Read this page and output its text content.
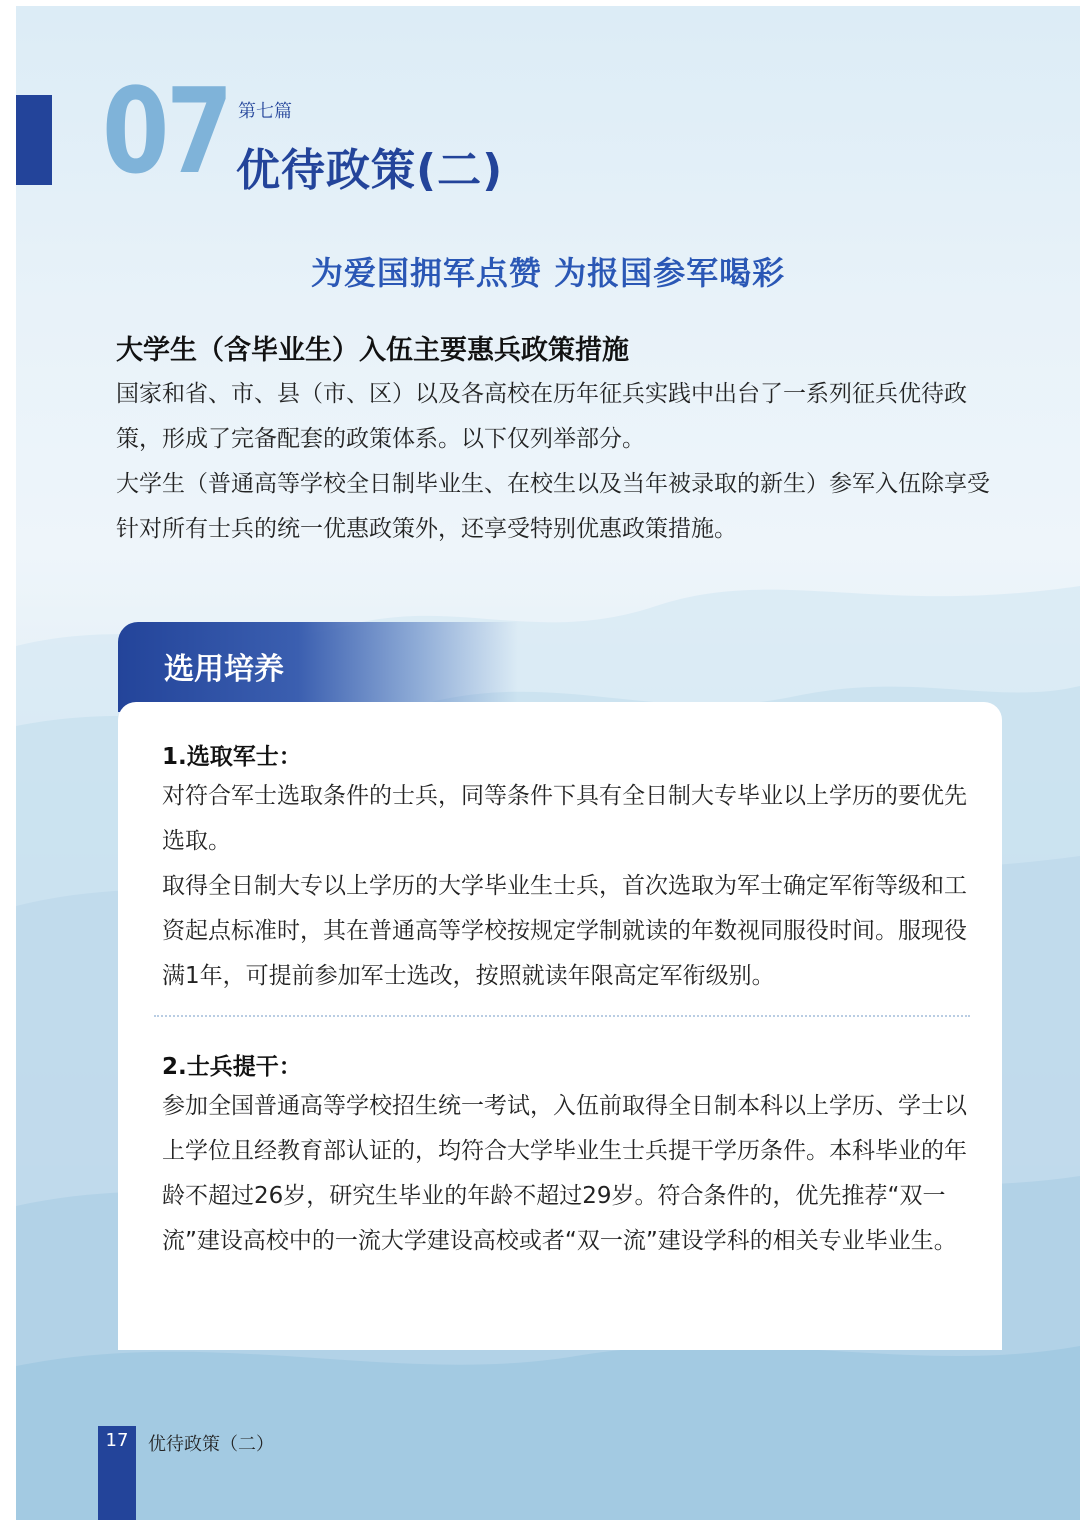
07 第七篇
优待政策(二)
为爱国拥军点赞 为报国参军喝彩
大学生（含毕业生）入伍主要惠兵政策措施

国家和省、市、县（市、区）以及各高校在历年征兵实践中出台了一系列征兵优待政策，形成了完备配套的政策体系。以下仅列举部分。

大学生（普通高等学校全日制毕业生、在校生以及当年被录取的新生）参军入伍除享受针对所有士兵的统一优惠政策外，还享受特别优惠政策措施。

选用培养
1.选取军士：

对符合军士选取条件的士兵，同等条件下具有全日制大专毕业以上学历的要优先选取。

取得全日制大专以上学历的大学毕业生士兵，首次选取为军士确定军衔等级和工资起点标准时，其在普通高等学校按规定学制就读的年数视同服役时间。服现役满1年，可提前参加军士选改，按照就读年限高定军衔级别。

2.士兵提干：

参加全国普通高等学校招生统一考试，入伍前取得全日制本科以上学历、学士以上学位且经教育部认证的，均符合大学毕业生士兵提干学历条件。本科毕业的年龄不超过26岁，研究生毕业的年龄不超过29岁。符合条件的，优先推荐“双一流”建设高校中的一流大学建设高校或者“双一流”建设学科的相关专业毕业生。

17	优待政策（二）
